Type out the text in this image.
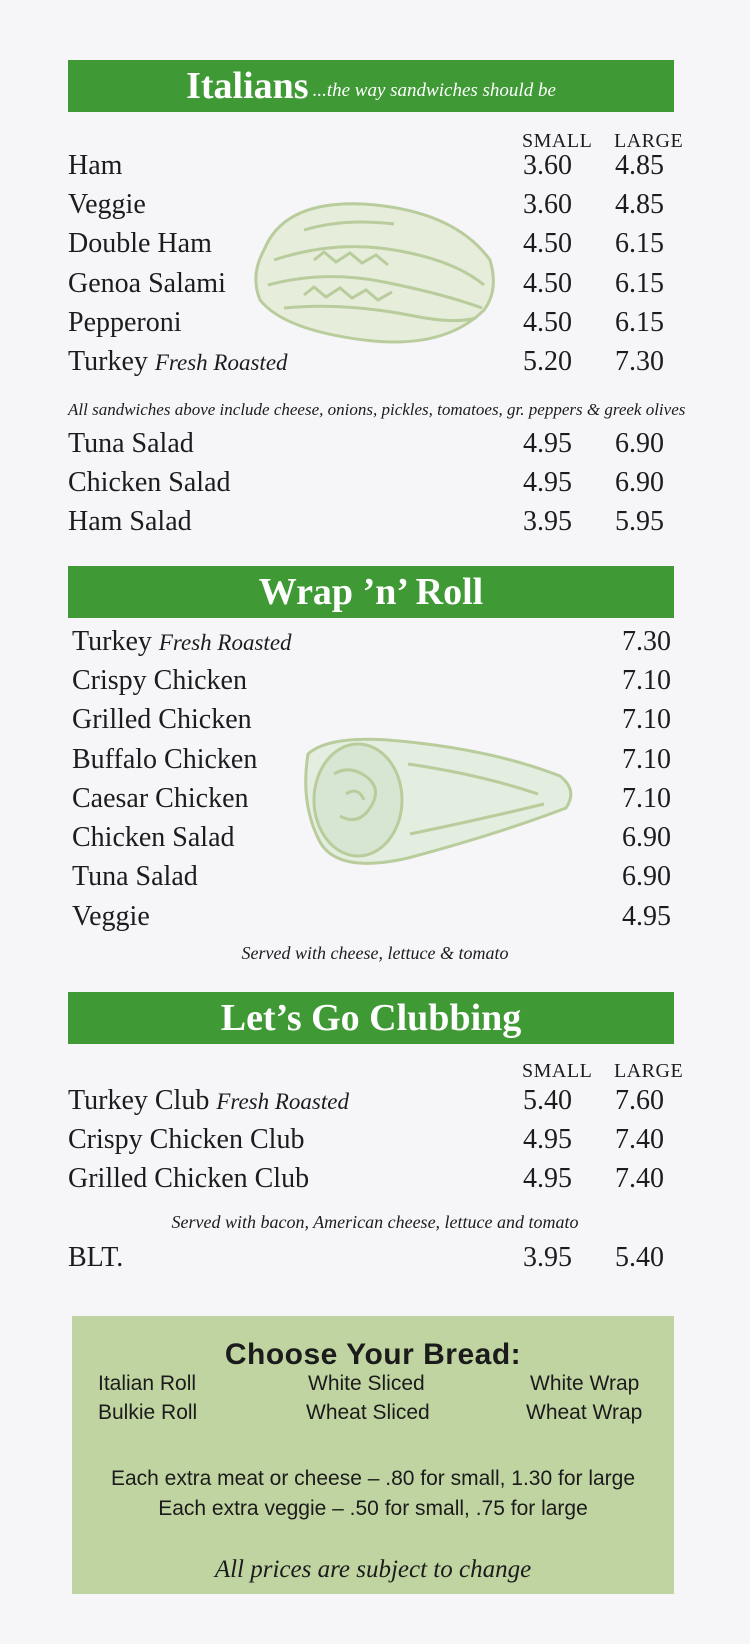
Italians ...the way sandwiches should be
SMALL LARGE
Ham	3.60 4.85
Veggie	3.60 4.85
Double Ham	4.50 6.15
Genoa Salami	4.50 6.15
Pepperoni	4.50 6.15
Turkey Fresh Roasted	5.20 7.30
All sandwiches above include cheese, onions, pickles, tomatoes, gr. peppers & greek olives
Tuna Salad	4.95 6.90
Chicken Salad	4.95 6.90
Ham Salad	3.95 5.95
Wrap ’n’ Roll
Turkey Fresh Roasted	7.30
Crispy Chicken	7.10
Grilled Chicken	7.10
Buffalo Chicken	7.10
Caesar Chicken	7.10
Chicken Salad	6.90
Tuna Salad	6.90
Veggie	4.95
Served with cheese, lettuce & tomato
Let’s Go Clubbing
SMALL LARGE
Turkey Club Fresh Roasted	5.40 7.60
Crispy Chicken Club	4.95 7.40
Grilled Chicken Club	4.95 7.40
Served with bacon, American cheese, lettuce and tomato
BLT.	3.95 5.40
Choose Your Bread:
Italian Roll	White Sliced	White Wrap
Bulkie Roll	Wheat Sliced	Wheat Wrap
Each extra meat or cheese – .80 for small, 1.30 for large
Each extra veggie – .50 for small, .75 for large
All prices are subject to change
